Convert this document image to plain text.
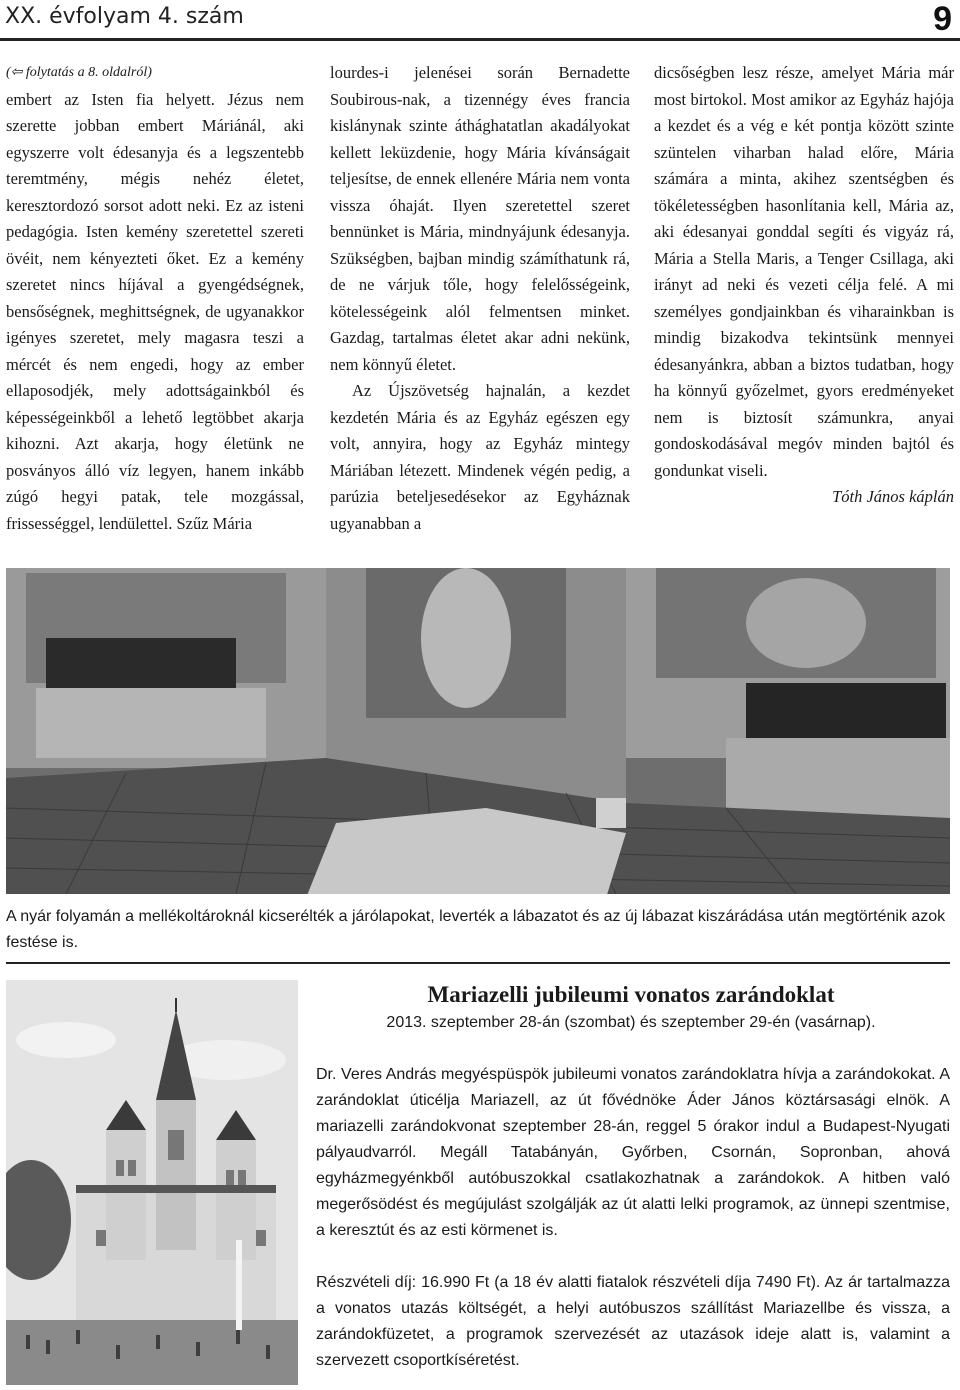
XX. évfolyam 4. szám	9

(⇦ folytatás a 8. oldalról)

embert az Isten fia helyett. Jézus nem szerette jobban embert Máriánál, aki egyszerre volt édesanyja és a legszentebb teremtmény, mégis nehéz életet, keresztordozó sorsot adott neki. Ez az isteni pedagógia. Isten kemény szeretettel szereti övéit, nem kényezteti őket. Ez a kemény szeretet nincs híjával a gyengédségnek, bensőségnek, meghittségnek, de ugyanakkor igényes szeretet, mely magasra teszi a mércét és nem engedi, hogy az ember ellaposodjék, mely adottságainkból és képességeinkből a lehető legtöbbet akarja kihozni. Azt akarja, hogy életünk ne posványos álló víz legyen, hanem inkább zúgó hegyi patak, tele mozgással, frissességgel, lendülettel. Szűz Mária

lourdes-i jelenései során Bernadette Soubirous-nak, a tizennégy éves francia kislánynak szinte áthághatatlan akadályokat kellett leküzdenie, hogy Mária kívánságait teljesítse, de ennek ellenére Mária nem vonta vissza óhaját. Ilyen szeretettel szeret bennünket is Mária, mindnyájunk édesanyja. Szükségben, bajban mindig számíthatunk rá, de ne várjuk tőle, hogy felelősségeink, kötelességeink alól felmentsen minket. Gazdag, tartalmas életet akar adni nekünk, nem könnyű életet.

Az Újszövetség hajnalán, a kezdet kezdetén Mária és az Egyház egészen egy volt, annyira, hogy az Egyház mintegy Máriában létezett. Mindenek végén pedig, a parúzia beteljesedésekor az Egyháznak ugyanabban a

dicsőségben lesz része, amelyet Mária már most birtokol. Most amikor az Egyház hajója a kezdet és a vég e két pontja között szinte szüntelen viharban halad előre, Mária számára a minta, akihez szentségben és tökéletességben hasonlítania kell, Mária az, aki édesanyai gonddal segíti és vigyáz rá, Mária a Stella Maris, a Tenger Csillaga, aki irányt ad neki és vezeti célja felé. A mi személyes gondjainkban és viharainkban is mindig bizakodva tekintsünk mennyei édesanyánkra, abban a biztos tudatban, hogy ha könnyű győzelmet, gyors eredményeket nem is biztosít számunkra, anyai gondoskodásával megóv minden bajtól és gondunkat viseli.

Tóth János káplán

A nyár folyamán a mellékoltároknál kicserélték a járólapokat, leverték a lábazatot és az új lábazat kiszárádása után megtörténik azok festése is.
Mariazelli jubileumi vonatos zarándoklat
2013. szeptember 28-án (szombat) és szeptember 29-én (vasárnap).

Dr. Veres András megyéspüspök jubileumi vonatos zarándoklatra hívja a zarándokokat. A zarándoklat úticélja Mariazell, az út fővédnöke Áder János köztársasági elnök. A mariazelli zarándokvonat szeptember 28-án, reggel 5 órakor indul a Budapest-Nyugati pályaudvarról. Megáll Tatabányán, Győrben, Csornán, Sopronban, ahová egyházmegyénkből autóbuszokkal csatlakozhatnak a zarándokok. A hitben való megerősödést és megújulást szolgálják az út alatti lelki programok, az ünnepi szentmise, a keresztút és az esti körmenet is.

Részvételi díj: 16.990 Ft (a 18 év alatti fiatalok részvételi díja 7490 Ft). Az ár tartalmazza a vonatos utazás költségét, a helyi autóbuszos szállítást Mariazellbe és vissza, a zarándokfüzetet, a programok szervezését az utazások ideje alatt is, valamint a szervezett csoportkíséretést.
